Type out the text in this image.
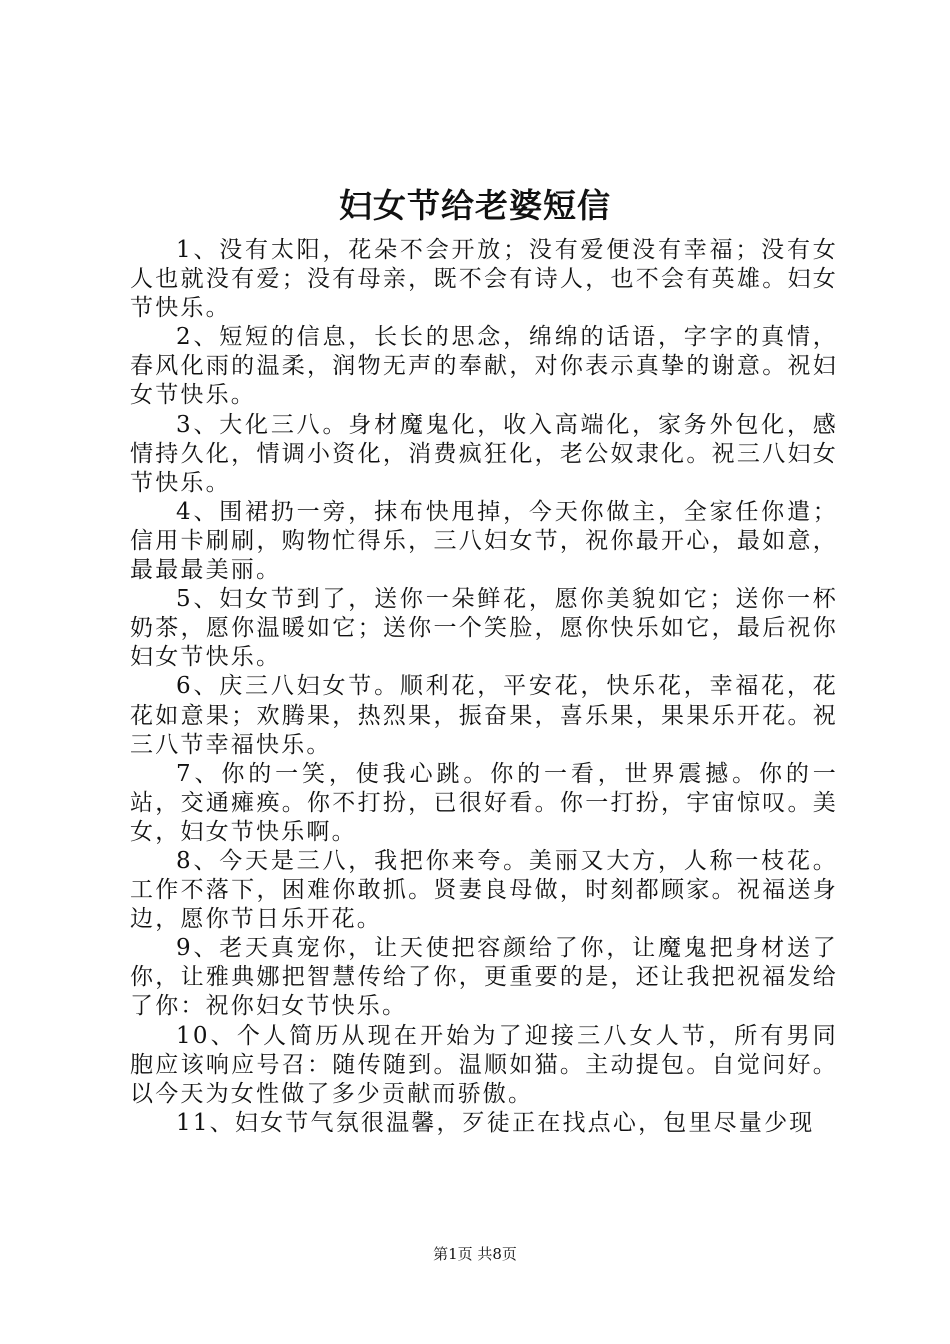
妇女节给老婆短信

1、没有太阳，花朵不会开放；没有爱便没有幸福；没有女人也就没有爱；没有母亲，既不会有诗人，也不会有英雄。妇女节快乐。

2、短短的信息，长长的思念，绵绵的话语，字字的真情，春风化雨的温柔，润物无声的奉献，对你表示真挚的谢意。祝妇女节快乐。

3、大化三八。身材魔鬼化，收入高端化，家务外包化，感情持久化，情调小资化，消费疯狂化，老公奴隶化。祝三八妇女节快乐。

4、围裙扔一旁，抹布快甩掉，今天你做主，全家任你遣；信用卡刷刷，购物忙得乐，三八妇女节，祝你最开心，最如意，最最最美丽。

5、妇女节到了，送你一朵鲜花，愿你美貌如它；送你一杯奶茶，愿你温暖如它；送你一个笑脸，愿你快乐如它，最后祝你妇女节快乐。

6、庆三八妇女节。顺利花，平安花，快乐花，幸福花，花花如意果；欢腾果，热烈果，振奋果，喜乐果，果果乐开花。祝三八节幸福快乐。

7、你的一笑，使我心跳。你的一看，世界震撼。你的一站，交通瘫痪。你不打扮，已很好看。你一打扮，宇宙惊叹。美女，妇女节快乐啊。

8、今天是三八，我把你来夸。美丽又大方，人称一枝花。工作不落下，困难你敢抓。贤妻良母做，时刻都顾家。祝福送身边，愿你节日乐开花。

9、老天真宠你，让天使把容颜给了你，让魔鬼把身材送了你，让雅典娜把智慧传给了你，更重要的是，还让我把祝福发给了你：祝你妇女节快乐。

10、个人简历从现在开始为了迎接三八女人节，所有男同胞应该响应号召：随传随到。温顺如猫。主动提包。自觉问好。以今天为女性做了多少贡献而骄傲。

11、妇女节气氛很温馨，歹徒正在找点心，包里尽量少现

第1页 共8页
